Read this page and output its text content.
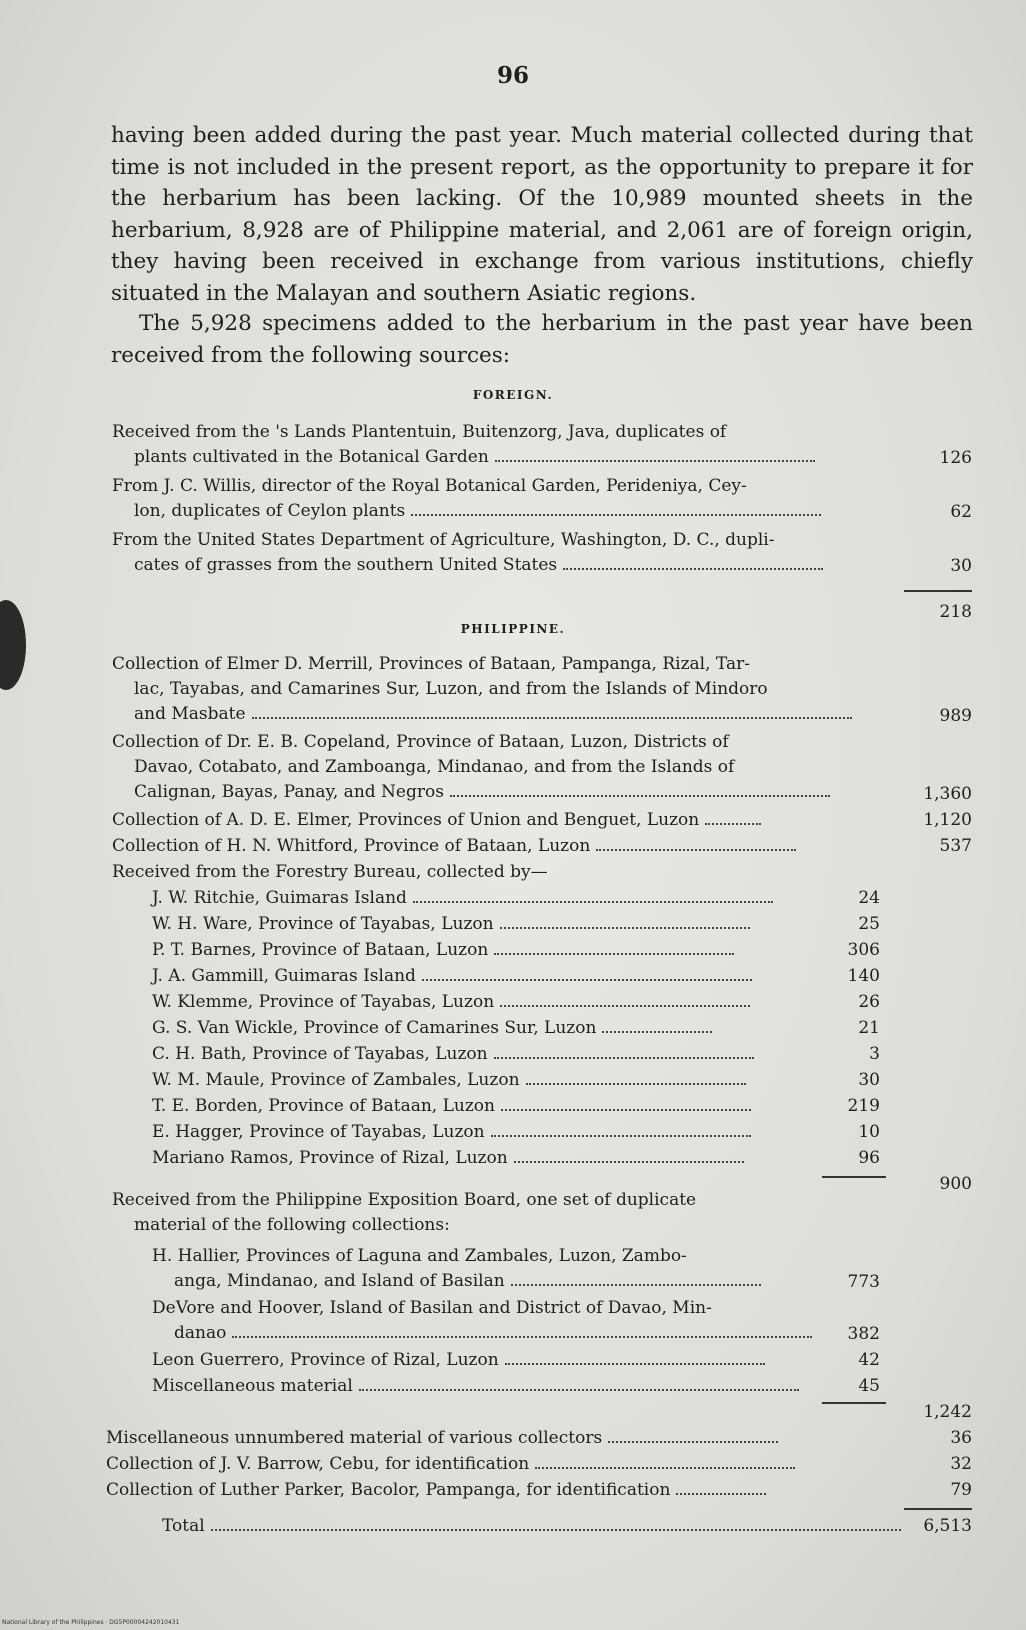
96

having been added during the past year. Much material collected during that time is not included in the present report, as the opportunity to prepare it for the herbarium has been lacking. Of the 10,989 mounted sheets in the herbarium, 8,928 are of Philippine material, and 2,061 are of foreign origin, they having been received in exchange from various institutions, chiefly situated in the Malayan and southern Asiatic regions.

The 5,928 specimens added to the herbarium in the past year have been received from the following sources:

FOREIGN.
Received from the 's Lands Plantentuin, Buitenzorg, Java, duplicates of
plants cultivated in the Botanical Garden	126
From J. C. Willis, director of the Royal Botanical Garden, Perideniya, Cey-
lon, duplicates of Ceylon plants	62
From the United States Department of Agriculture, Washington, D. C., dupli-
cates of grasses from the southern United States	30
218
PHILIPPINE.
Collection of Elmer D. Merrill, Provinces of Bataan, Pampanga, Rizal, Tar-
lac, Tayabas, and Camarines Sur, Luzon, and from the Islands of Mindoro
and Masbate	989
Collection of Dr. E. B. Copeland, Province of Bataan, Luzon, Districts of
Davao, Cotabato, and Zamboanga, Mindanao, and from the Islands of
Calignan, Bayas, Panay, and Negros	1,360
Collection of A. D. E. Elmer, Provinces of Union and Benguet, Luzon	1,120
Collection of H. N. Whitford, Province of Bataan, Luzon	537
Received from the Forestry Bureau, collected by—
J. W. Ritchie, Guimaras Island	24
W. H. Ware, Province of Tayabas, Luzon	25
P. T. Barnes, Province of Bataan, Luzon	306
J. A. Gammill, Guimaras Island	140
W. Klemme, Province of Tayabas, Luzon	26
G. S. Van Wickle, Province of Camarines Sur, Luzon	21
C. H. Bath, Province of Tayabas, Luzon	3
W. M. Maule, Province of Zambales, Luzon	30
T. E. Borden, Province of Bataan, Luzon	219
E. Hagger, Province of Tayabas, Luzon	10
Mariano Ramos, Province of Rizal, Luzon	96
900
Received from the Philippine Exposition Board, one set of duplicate
material of the following collections:
H. Hallier, Provinces of Laguna and Zambales, Luzon, Zambo-
anga, Mindanao, and Island of Basilan	773
DeVore and Hoover, Island of Basilan and District of Davao, Min-
danao	382
Leon Guerrero, Province of Rizal, Luzon	42
Miscellaneous material	45
1,242
Miscellaneous unnumbered material of various collectors	36
Collection of J. V. Barrow, Cebu, for identification	32
Collection of Luther Parker, Bacolor, Pampanga, for identification	79
Total	6,513
National Library of the Philippines · DG5P00004242010431
